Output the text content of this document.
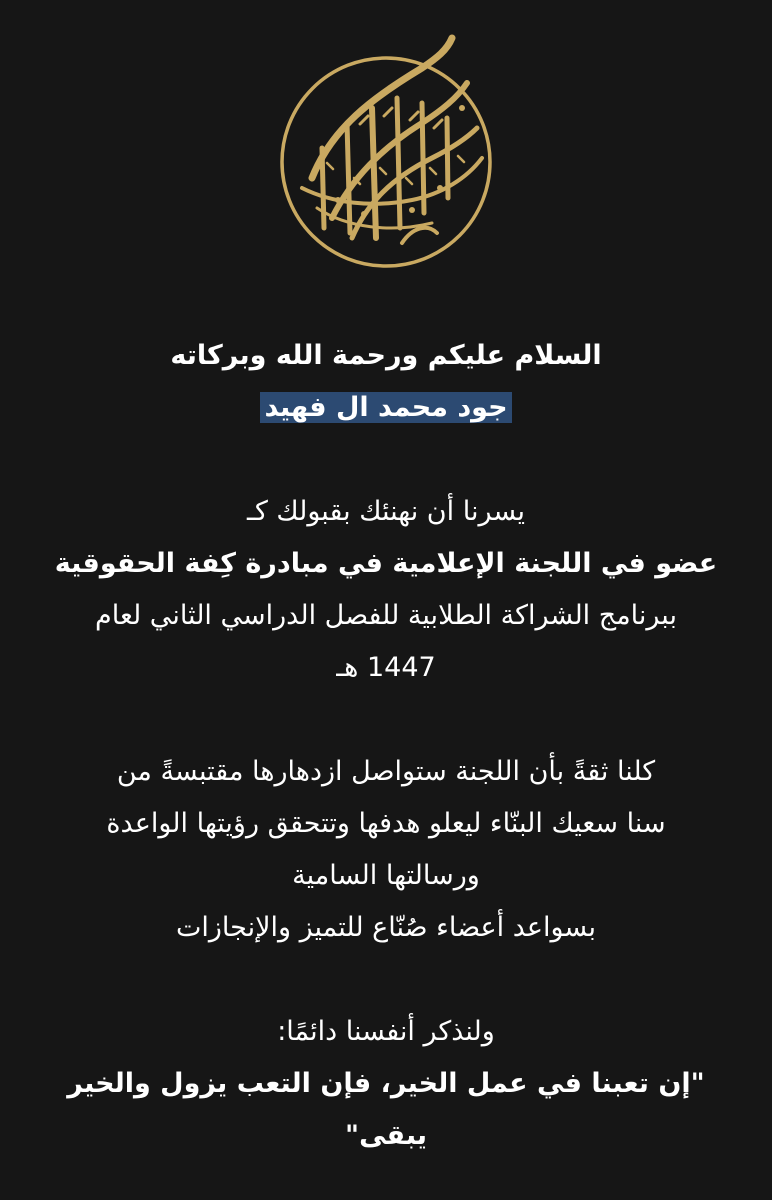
السلام عليكم ورحمة الله وبركاته
جود محمد ال فهيد
يسرنا أن نهنئك بقبولك كـ
عضو في اللجنة الإعلامية في مبادرة كِفة الحقوقية
ببرنامج الشراكة الطلابية للفصل الدراسي الثاني لعام
1447 هـ
كلنا ثقةً بأن اللجنة ستواصل ازدهارها مقتبسةً من
سنا سعيك البنّاء ليعلو هدفها وتتحقق رؤيتها الواعدة
ورسالتها السامية
بسواعد أعضاء صُنّاع للتميز والإنجازات
ولنذكر أنفسنا دائمًا:
"إن تعبنا في عمل الخير، فإن التعب يزول والخير
يبقى"
